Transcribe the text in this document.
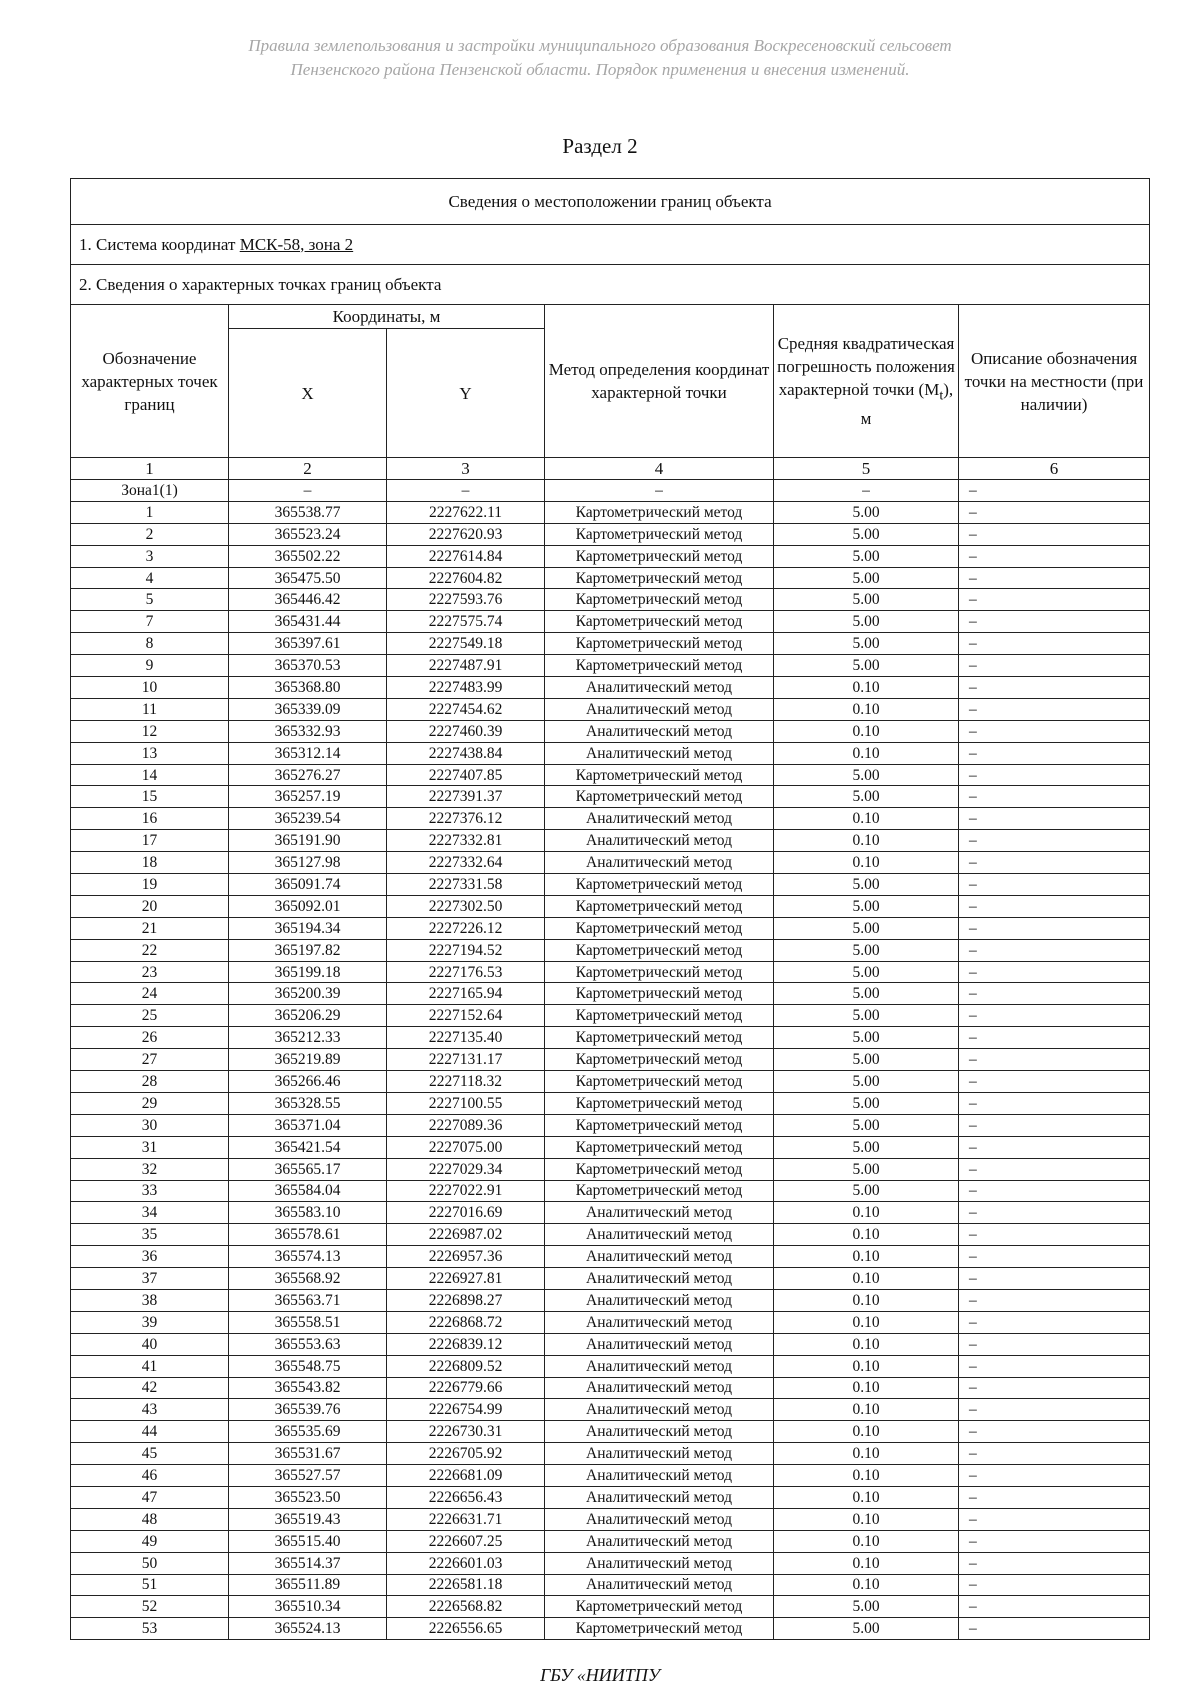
Правила землепользования и застройки муниципального образования Воскресеновский сельсовет
Пензенского района Пензенской области. Порядок применения и внесения изменений.
Раздел 2
Сведения о местоположении границ объекта					
1. Система координат МСК-58, зона 2					
2. Сведения о характерных точках границ объекта					
Обозначение характерных точек границ	Координаты, м		Метод определения координат характерной точки	Средняя квадратическая погрешность положения характерной точки $(M_t)$, м	Описание обозначения точки на местности (при наличии)
	X	Y			
1	2	3	4	5	6
Зона1(1)	–	–	–	–	–
1	365538.77	2227622.11	Картометрический метод	5.00	–
2	365523.24	2227620.93	Картометрический метод	5.00	–
3	365502.22	2227614.84	Картометрический метод	5.00	–
4	365475.50	2227604.82	Картометрический метод	5.00	–
5	365446.42	2227593.76	Картометрический метод	5.00	–
7	365431.44	2227575.74	Картометрический метод	5.00	–
8	365397.61	2227549.18	Картометрический метод	5.00	–
9	365370.53	2227487.91	Картометрический метод	5.00	–
10	365368.80	2227483.99	Аналитический метод	0.10	–
11	365339.09	2227454.62	Аналитический метод	0.10	–
12	365332.93	2227460.39	Аналитический метод	0.10	–
13	365312.14	2227438.84	Аналитический метод	0.10	–
14	365276.27	2227407.85	Картометрический метод	5.00	–
15	365257.19	2227391.37	Картометрический метод	5.00	–
16	365239.54	2227376.12	Аналитический метод	0.10	–
17	365191.90	2227332.81	Аналитический метод	0.10	–
18	365127.98	2227332.64	Аналитический метод	0.10	–
19	365091.74	2227331.58	Картометрический метод	5.00	–
20	365092.01	2227302.50	Картометрический метод	5.00	–
21	365194.34	2227226.12	Картометрический метод	5.00	–
22	365197.82	2227194.52	Картометрический метод	5.00	–
23	365199.18	2227176.53	Картометрический метод	5.00	–
24	365200.39	2227165.94	Картометрический метод	5.00	–
25	365206.29	2227152.64	Картометрический метод	5.00	–
26	365212.33	2227135.40	Картометрический метод	5.00	–
27	365219.89	2227131.17	Картометрический метод	5.00	–
28	365266.46	2227118.32	Картометрический метод	5.00	–
29	365328.55	2227100.55	Картометрический метод	5.00	–
30	365371.04	2227089.36	Картометрический метод	5.00	–
31	365421.54	2227075.00	Картометрический метод	5.00	–
32	365565.17	2227029.34	Картометрический метод	5.00	–
33	365584.04	2227022.91	Картометрический метод	5.00	–
34	365583.10	2227016.69	Аналитический метод	0.10	–
35	365578.61	2226987.02	Аналитический метод	0.10	–
36	365574.13	2226957.36	Аналитический метод	0.10	–
37	365568.92	2226927.81	Аналитический метод	0.10	–
38	365563.71	2226898.27	Аналитический метод	0.10	–
39	365558.51	2226868.72	Аналитический метод	0.10	–
40	365553.63	2226839.12	Аналитический метод	0.10	–
41	365548.75	2226809.52	Аналитический метод	0.10	–
42	365543.82	2226779.66	Аналитический метод	0.10	–
43	365539.76	2226754.99	Аналитический метод	0.10	–
44	365535.69	2226730.31	Аналитический метод	0.10	–
45	365531.67	2226705.92	Аналитический метод	0.10	–
46	365527.57	2226681.09	Аналитический метод	0.10	–
47	365523.50	2226656.43	Аналитический метод	0.10	–
48	365519.43	2226631.71	Аналитический метод	0.10	–
49	365515.40	2226607.25	Аналитический метод	0.10	–
50	365514.37	2226601.03	Аналитический метод	0.10	–
51	365511.89	2226581.18	Аналитический метод	0.10	–
52	365510.34	2226568.82	Картометрический метод	5.00	–
53	365524.13	2226556.65	Картометрический метод	5.00	–
ГБУ «НИИТПУ
